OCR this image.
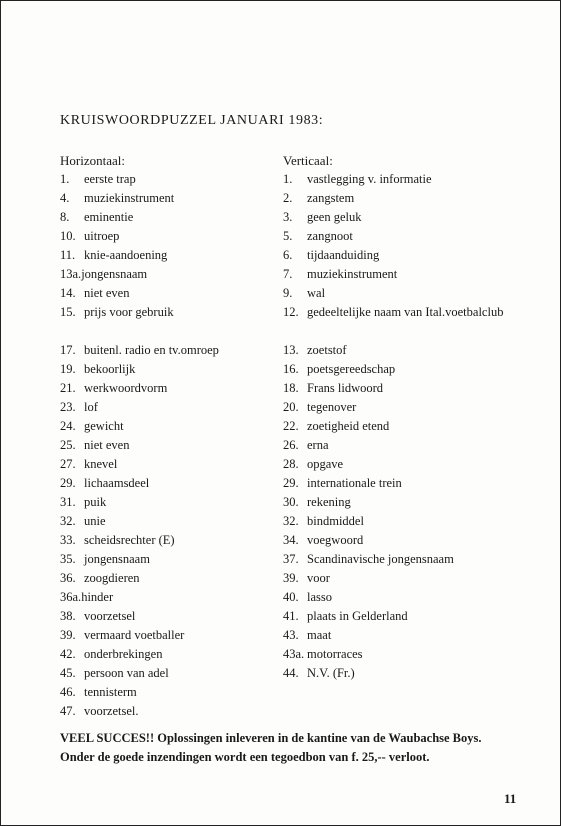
KRUISWOORDPUZZEL JANUARI 1983:
Horizontaal:
1. eerste trap
4. muziekinstrument
8. eminentie
10. uitroep
11. knie-aandoening
13a.jongensnaam
14. niet even
15. prijs voor gebruik
17. buitenl. radio en tv.omroep
19. bekoorlijk
21. werkwoordvorm
23. lof
24. gewicht
25. niet even
27. knevel
29. lichaamsdeel
31. puik
32. unie
33. scheidsrechter (E)
35. jongensnaam
36. zoogdieren
36a.hinder
38. voorzetsel
39. vermaard voetballer
42. onderbrekingen
45. persoon van adel
46. tennisterm
47. voorzetsel.
Verticaal:
1. vastlegging v. informatie
2. zangstem
3. geen geluk
5. zangnoot
6. tijdaanduiding
7. muziekinstrument
9. wal
12. gedeeltelijke naam van Ital.voetbalclub
13. zoetstof
16. poetsgereedschap
18. Frans lidwoord
20. tegenover
22. zoetigheid etend
26. erna
28. opgave
29. internationale trein
30. rekening
32. bindmiddel
34. voegwoord
37. Scandinavische jongensnaam
39. voor
40. lasso
41. plaats in Gelderland
43. maat
43a. motorraces
44. N.V. (Fr.)
VEEL SUCCES!! Oplossingen inleveren in de kantine van de Waubachse Boys.
Onder de goede inzendingen wordt een tegoedbon van f. 25,-- verloot.
11
